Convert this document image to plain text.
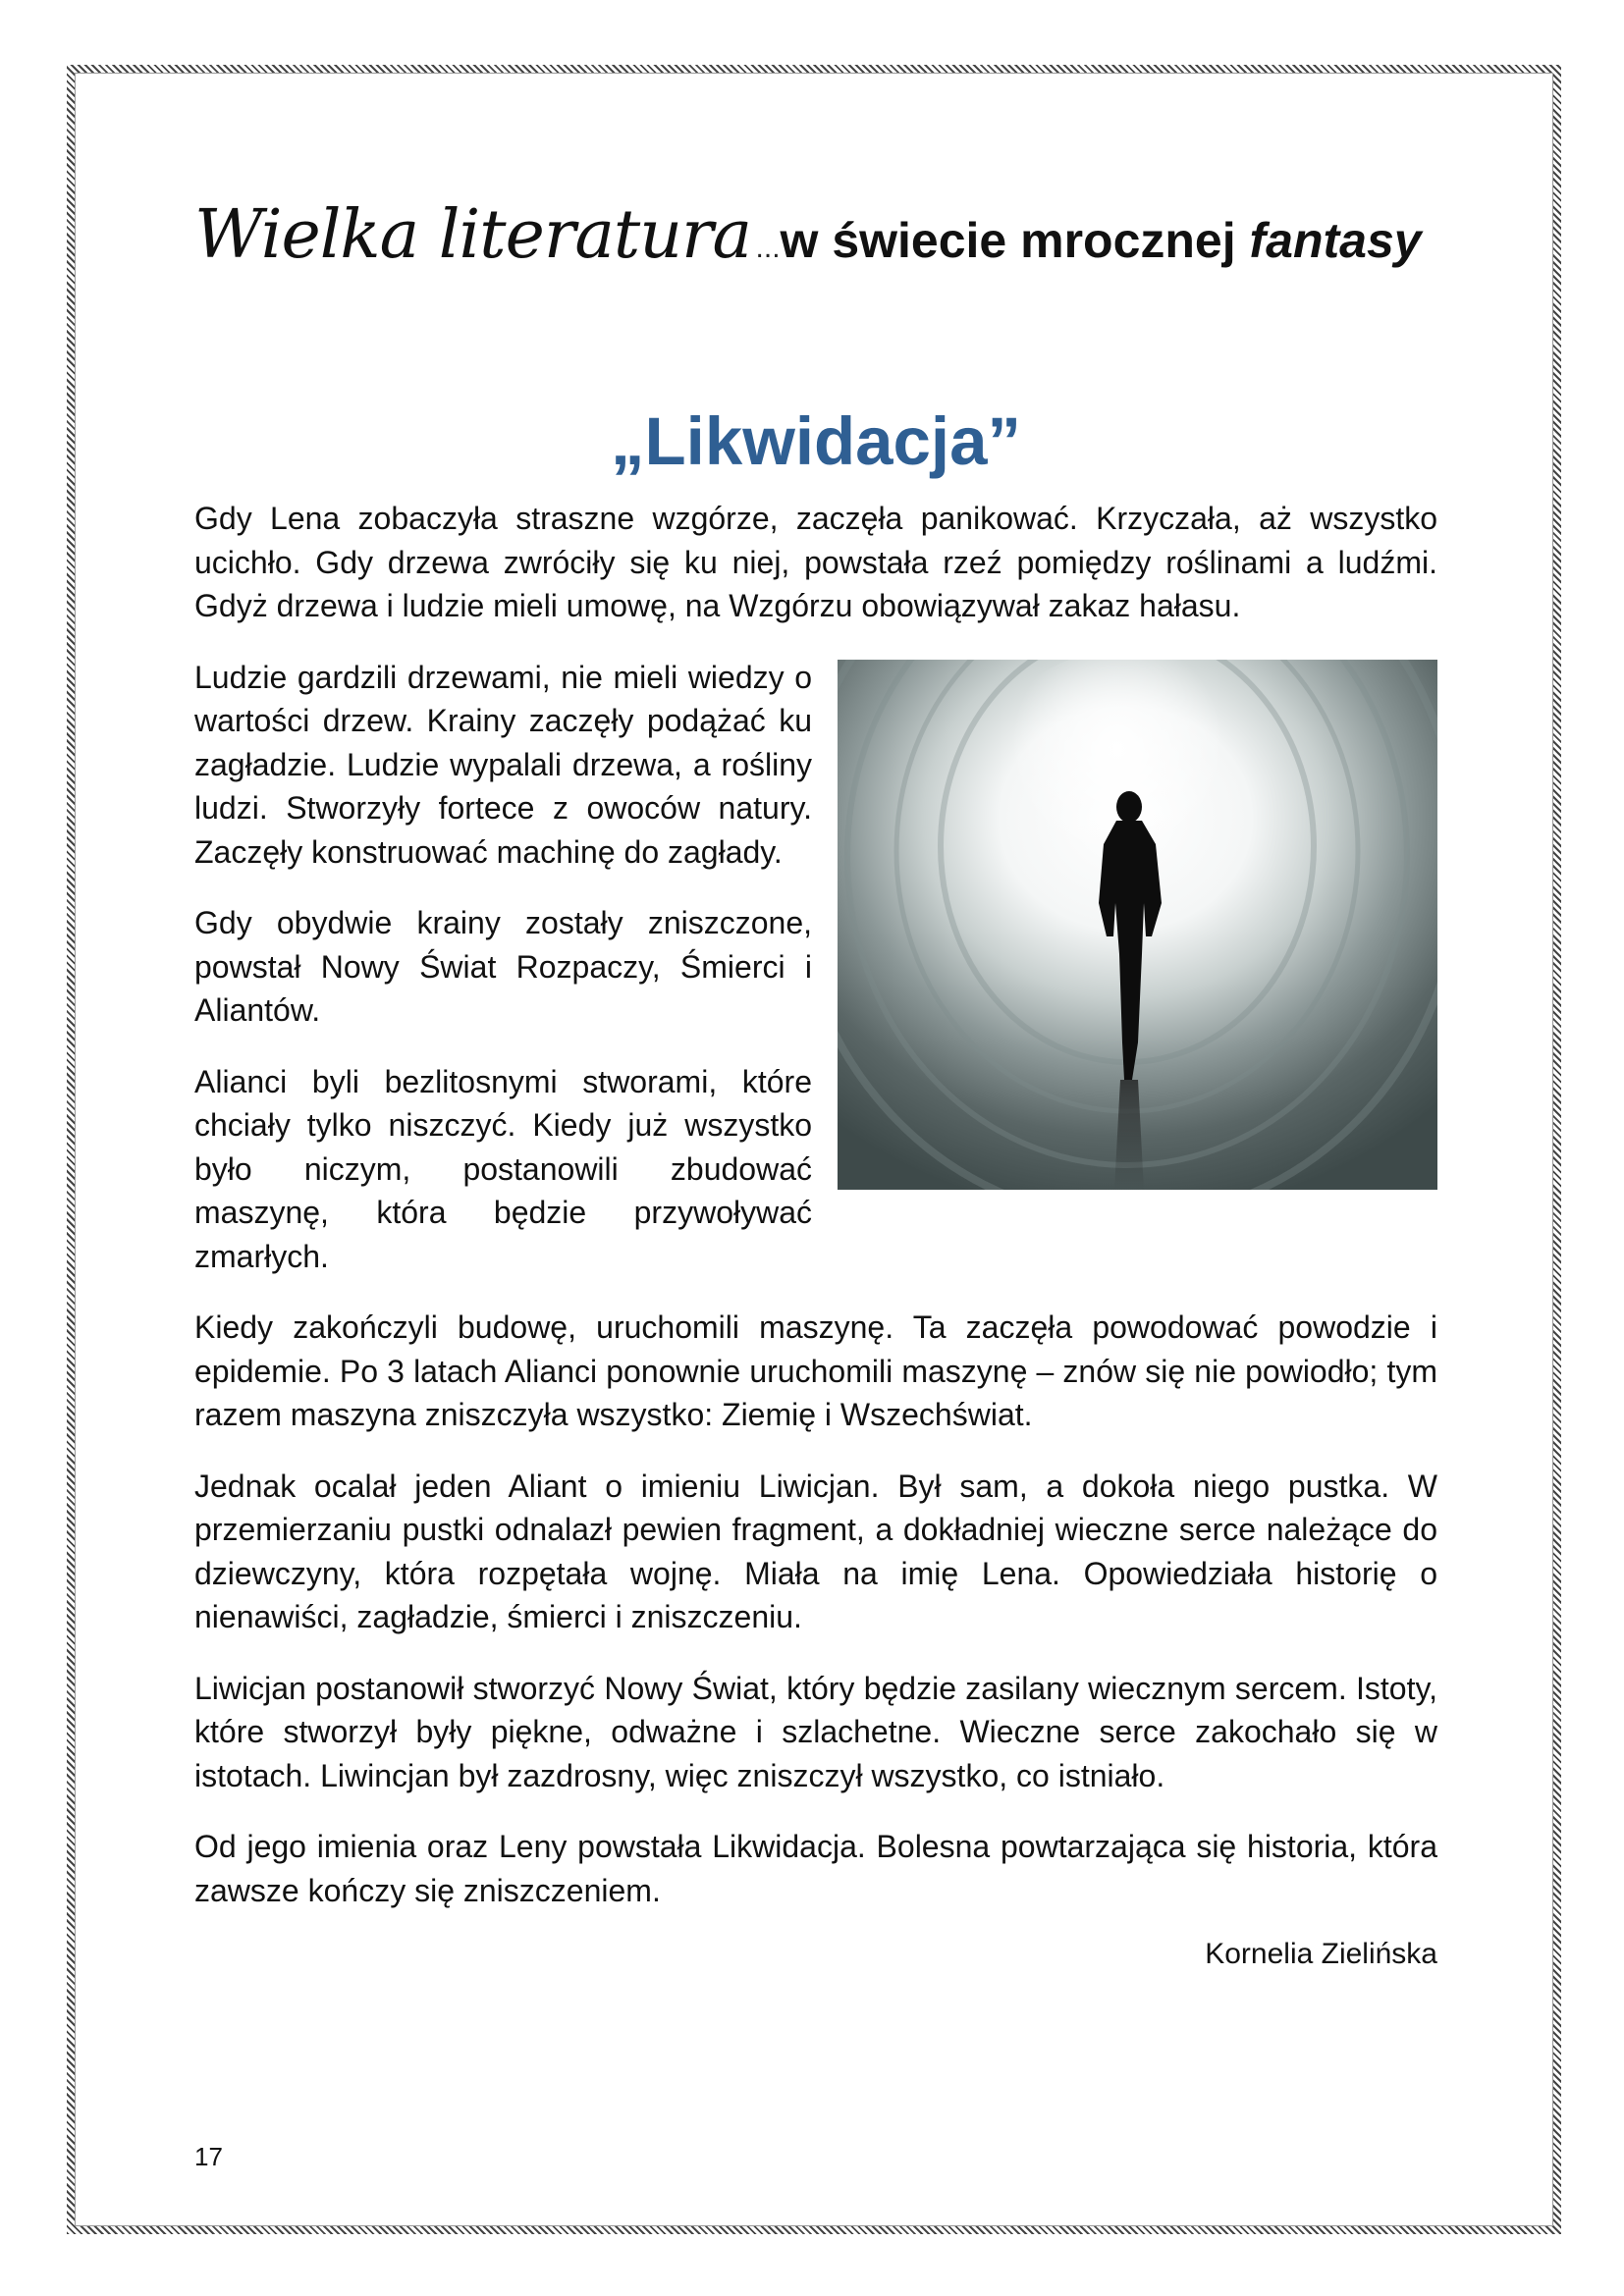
Wielka literatura ...w świecie mrocznej fantasy
„Likwidacja”

Gdy Lena zobaczyła straszne wzgórze, zaczęła panikować. Krzyczała, aż wszystko ucichło. Gdy drzewa zwróciły się ku niej, powstała rzeź pomiędzy roślinami a ludźmi. Gdyż drzewa i ludzie mieli umowę, na Wzgórzu obowiązywał zakaz hałasu.

Ludzie gardzili drzewami, nie mieli wiedzy o wartości drzew. Krainy zaczęły podążać ku zagładzie. Ludzie wypalali drzewa, a rośliny ludzi. Stworzyły fortece z owoców natury. Zaczęły konstruować machinę do zagłady.

Gdy obydwie krainy zostały zniszczone, powstał Nowy Świat Rozpaczy, Śmierci i Aliantów.

Alianci byli bezlitosnymi stworami, które chciały tylko niszczyć. Kiedy już wszystko było niczym, postanowili zbudować maszynę, która będzie przywoływać zmarłych.

Kiedy zakończyli budowę, uruchomili maszynę. Ta zaczęła powodować powodzie i epidemie. Po 3 latach Alianci ponownie uruchomili maszynę – znów się nie powiodło; tym razem maszyna zniszczyła wszystko: Ziemię i Wszechświat.

Jednak ocalał jeden Aliant o imieniu Liwicjan. Był sam, a dokoła niego pustka. W przemierzaniu pustki odnalazł pewien fragment, a dokładniej wieczne serce należące do dziewczyny, która rozpętała wojnę. Miała na imię Lena. Opowiedziała historię o nienawiści, zagładzie, śmierci i zniszczeniu.

Liwicjan postanowił stworzyć Nowy Świat, który będzie zasilany wiecznym sercem. Istoty, które stworzył były piękne, odważne i szlachetne. Wieczne serce zakochało się w istotach. Liwincjan był zazdrosny, więc zniszczył wszystko, co istniało.

Od jego imienia oraz Leny powstała Likwidacja. Bolesna powtarzająca się historia, która zawsze kończy się zniszczeniem.

Kornelia Zielińska
17
